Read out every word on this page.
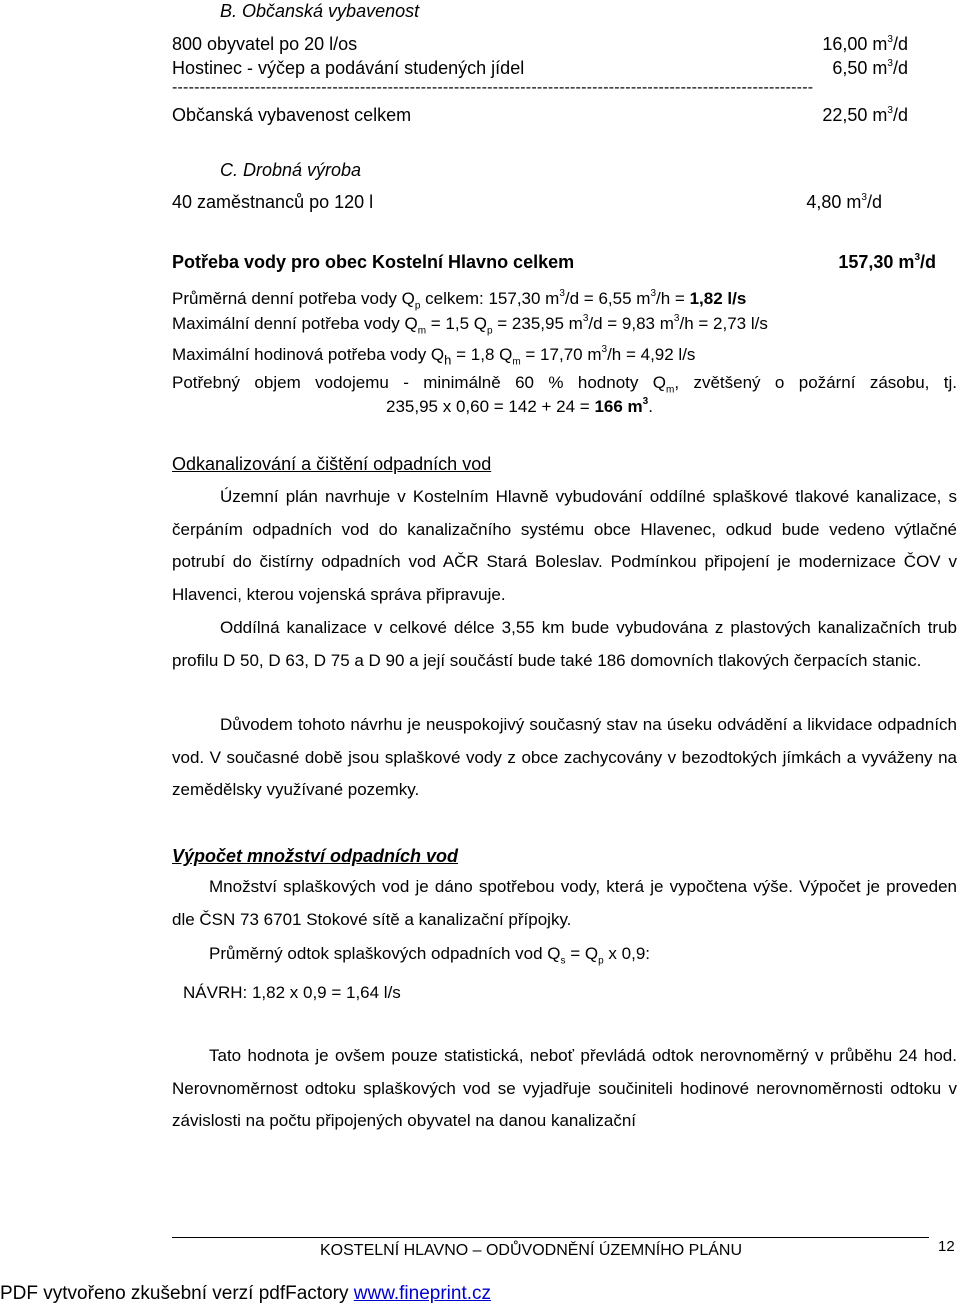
B. Občanská vybavenost
800 obyvatel po 20 l/os	16,00 $m^3/d$
Hostinec - výčep a podávání studených jídel	6,50 $m^3/d$
--------------------------------------------------------------------------------------------------------------------
Občanská vybavenost celkem	22,50 $m^3/d$
C. Drobná výroba
40 zaměstnanců po 120 l	4,80 $m^3/d$
Potřeba vody pro obec Kostelní Hlavno celkem	157,30 $m^3/d$
Průměrná denní potřeba vody $Q_p$ celkem: 157,30 $m^3/d = 6,55$ $m^3/h = 1,82$ l/s
Maximální denní potřeba vody $Q_m = 1,5$ $Q_p = 235,95$ $m^3/d = 9,83$ $m^3/h = 2,73$ l/s
Maximální hodinová potřeba vody $Q_h = 1,8$ $Q_m = 17,70$ $m^3/h = 4,92$ l/s
Potřebný objem vodojemu - minimálně 60 % hodnoty $Q_m$, zvětšený o požární zásobu, tj.
235,95 x 0,60 = 142 + 24 = 166 $m^3$.
Odkanalizování a čištění odpadních vod

Územní plán navrhuje v Kostelním Hlavně vybudování oddílné splaškové tlakové kanalizace, s čerpáním odpadních vod do kanalizačního systému obce Hlavenec, odkud bude vedeno výtlačné potrubí do čistírny odpadních vod AČR Stará Boleslav. Podmínkou připojení je modernizace ČOV v Hlavenci, kterou vojenská správa připravuje.

Oddílná kanalizace v celkové délce 3,55 km bude vybudována z plastových kanalizačních trub profilu D 50, D 63, D 75 a D 90 a její součástí bude také 186 domovních tlakových čerpacích stanic.

Důvodem tohoto návrhu je neuspokojivý současný stav na úseku odvádění a likvidace odpadních vod. V současné době jsou splaškové vody z obce zachycovány v bezodtokých jímkách a vyváženy na zemědělsky využívané pozemky.

Výpočet množství odpadních vod

Množství splaškových vod je dáno spotřebou vody, která je vypočtena výše. Výpočet je proveden dle ČSN 73 6701 Stokové sítě a kanalizační přípojky.

Průměrný odtok splaškových odpadních vod $Q_s = Q_p$ x 0,9:
NÁVRH: 1,82 x 0,9 = 1,64 l/s

Tato hodnota je ovšem pouze statistická, neboť převládá odtok nerovnoměrný v průběhu 24 hod. Nerovnoměrnost odtoku splaškových vod se vyjadřuje součiniteli hodinové nerovnoměrnosti odtoku v závislosti na počtu připojených obyvatel na danou kanalizační

KOSTELNÍ HLAVNO – ODŮVODNĚNÍ ÚZEMNÍHO PLÁNU	12
PDF vytvořeno zkušební verzí pdfFactory www.fineprint.cz
